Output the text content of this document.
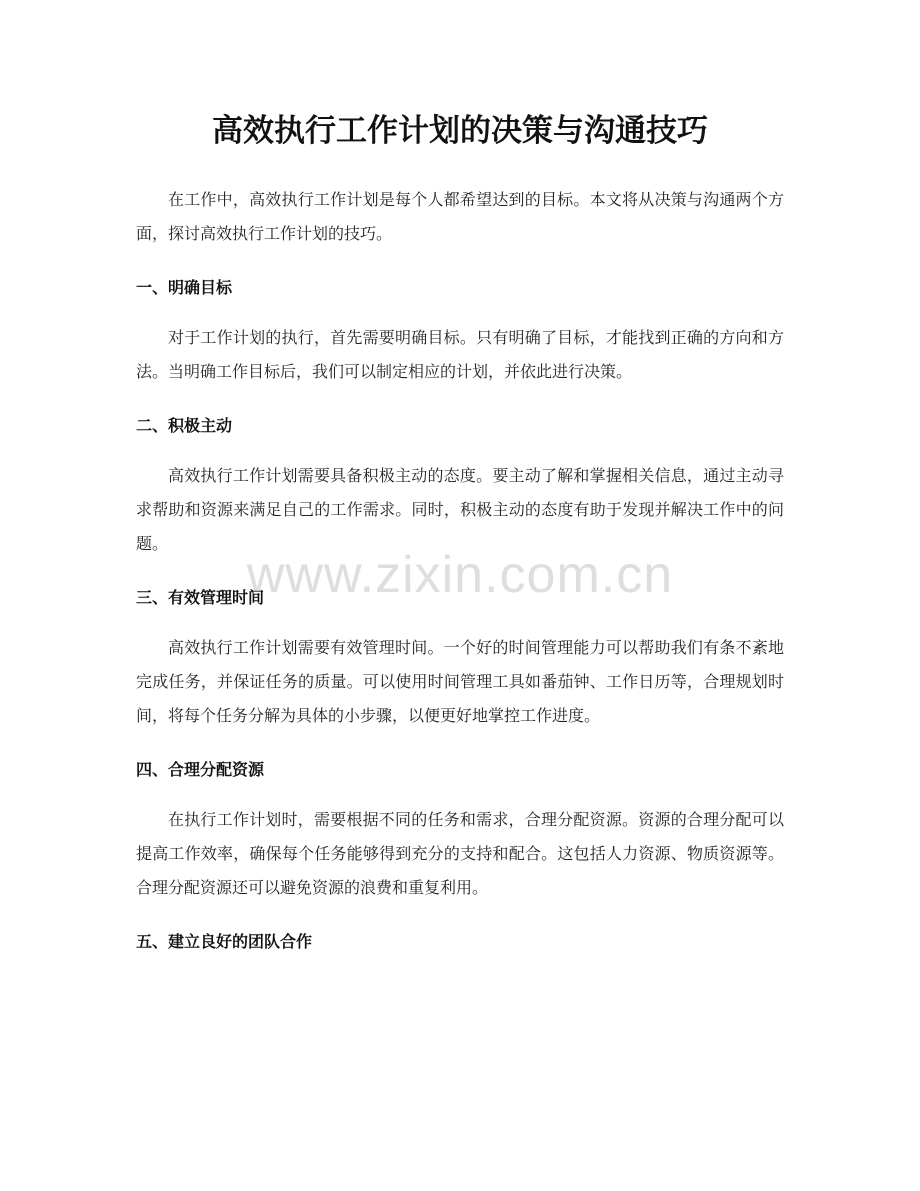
高效执行工作计划的决策与沟通技巧

在工作中，高效执行工作计划是每个人都希望达到的目标。本文将从决策与沟通两个方面，探讨高效执行工作计划的技巧。

一、明确目标

对于工作计划的执行，首先需要明确目标。只有明确了目标，才能找到正确的方向和方法。当明确工作目标后，我们可以制定相应的计划，并依此进行决策。

二、积极主动

高效执行工作计划需要具备积极主动的态度。要主动了解和掌握相关信息，通过主动寻求帮助和资源来满足自己的工作需求。同时，积极主动的态度有助于发现并解决工作中的问题。

三、有效管理时间

高效执行工作计划需要有效管理时间。一个好的时间管理能力可以帮助我们有条不紊地完成任务，并保证任务的质量。可以使用时间管理工具如番茄钟、工作日历等，合理规划时间，将每个任务分解为具体的小步骤，以便更好地掌控工作进度。

四、合理分配资源

在执行工作计划时，需要根据不同的任务和需求，合理分配资源。资源的合理分配可以提高工作效率，确保每个任务能够得到充分的支持和配合。这包括人力资源、物质资源等。合理分配资源还可以避免资源的浪费和重复利用。

五、建立良好的团队合作
www.zixin.com.cn
